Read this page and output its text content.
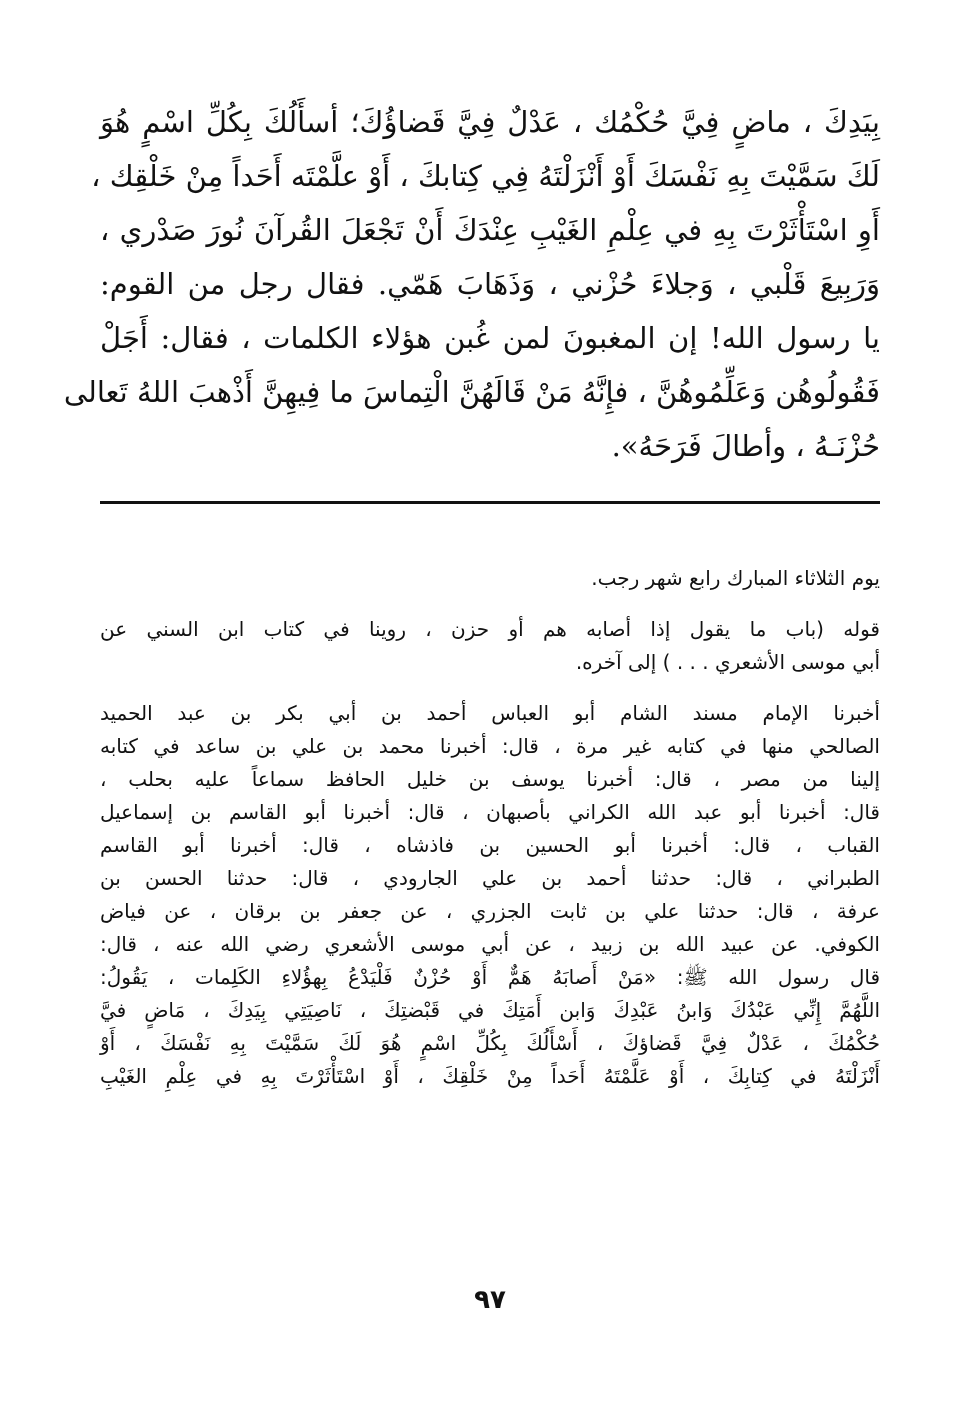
بِيَدِكَ ، ماضٍ فِيَّ حُكْمُك ، عَدْلٌ فِيَّ قَضاؤُكَ؛ أسأَلُكَ بِكُلِّ اسْمٍ هُوَ
لَكَ سَمَّيْتَ بِهِ نَفْسَكَ أَوْ أَنْزَلْتَهُ فِي كِتابكَ ، أَوْ علَّمْتَه أَحَداً مِنْ خَلْقِك ،
أَوِ اسْتَأْثَرْتَ بِهِ في عِلْمِ الغَيْبِ عِنْدَكَ أَنْ تَجْعَلَ القُرآنَ نُورَ صَدْري ،
وَرَبِيعَ قَلْبي ، وَجلاءَ حُزْني ، وَذَهَابَ هَمّي. فقال رجل من القوم:
يا رسول الله! إن المغبونَ لمن غُبن هؤلاء الكلمات ، فقال: أَجَلْ
فَقُولُوهُن وَعَلِّمُوهُنَّ ، فإِنَّهُ مَنْ قَالَهُنَّ الْتِماسَ ما فِيهِنَّ أَذْهبَ اللهُ تَعالى
حُزْنَـهُ ، وأطالَ فَرَحَهُ».

يوم الثلاثاء المبارك رابع شهر رجب.

قوله (باب ما يقول إذا أصابه هم أو حزن ، روينا في كتاب ابن السني عن
أبي موسى الأشعري . . . ) إلى آخره.

أخبرنا الإمام مسند الشام أبو العباس أحمد بن أبي بكر بن عبد الحميد
الصالحي منها في كتابه غير مرة ، قال: أخبرنا محمد بن علي بن ساعد في كتابه
إلينا من مصر ، قال: أخبرنا يوسف بن خليل الحافظ سماعاً عليه بحلب ،
قال: أخبرنا أبو عبد الله الكراني بأصبهان ، قال: أخبرنا أبو القاسم بن إسماعيل
القباب ، قال: أخبرنا أبو الحسين بن فاذشاه ، قال: أخبرنا أبو القاسم
الطبراني ، قال: حدثنا أحمد بن علي الجارودي ، قال: حدثنا الحسن بن
عرفة ، قال: حدثنا علي بن ثابت الجزري ، عن جعفر بن برقان ، عن فياض
الكوفي. عن عبيد الله بن زبيد ، عن أبي موسى الأشعري رضي الله عنه ، قال:
قال رسول الله ﷺ: «مَنْ أَصابَهُ هَمٌّ أَوْ حُزْنٌ فَلْيَدْعُ بِهؤُلاءِ الكَلِمات ، يَقُولُ:
اللَّهُمَّ إِنِّي عَبْدُكَ وَابنُ عَبْدِكَ وَابن أَمَتِكَ في قَبْضتِكَ ، نَاصِيَتِي بِيَدِكَ ، مَاضٍ فيَّ
حُكْمُكَ ، عَدْلٌ فِيَّ قَضاؤكَ ، أَسْأَلُكَ بِكُلِّ اسْمٍ هُوَ لَكَ سَمَّيْتَ بِهِ نَفْسَكَ ، أَوْ
أَنْزَلْتَهُ في كِتابِكَ ، أَوْ عَلَّمْتَهُ أَحَداً مِنْ خَلْقِكَ ، أَوْ اسْتَأْثَرْتَ بِهِ في عِلْمِ الغَيْبِ

٩٧
